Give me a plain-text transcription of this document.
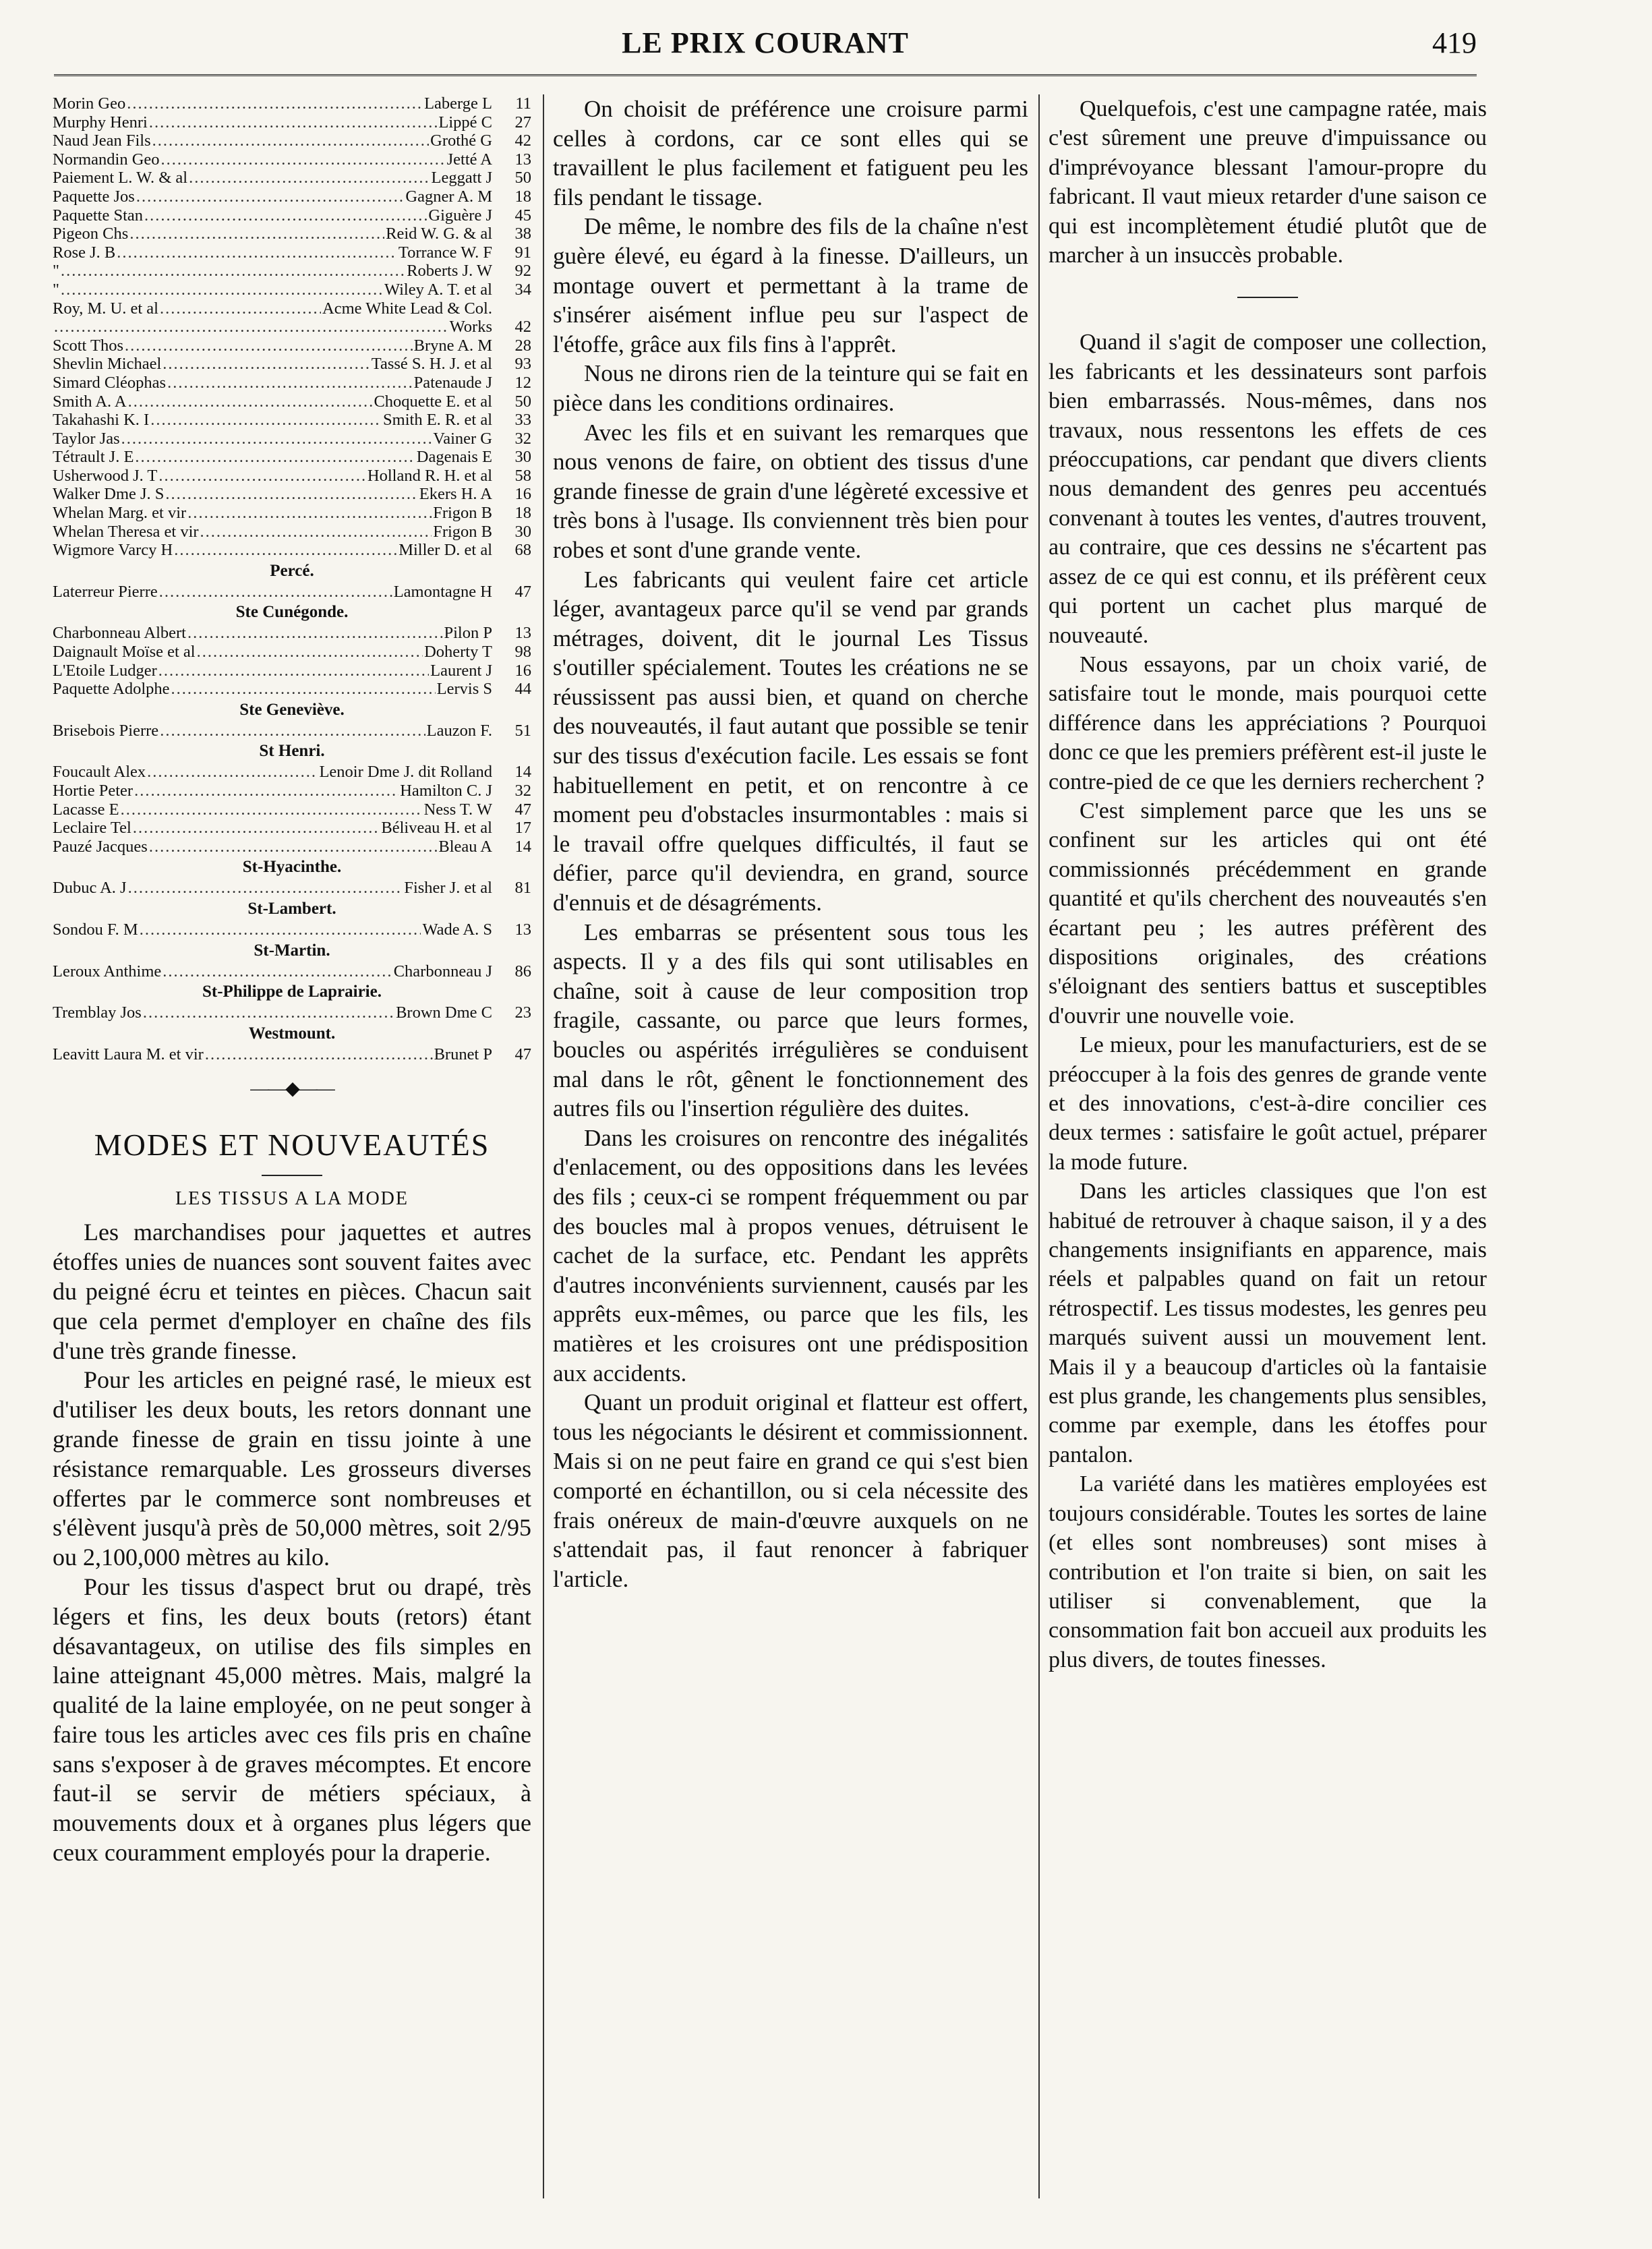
LE PRIX COURANT	419
Morin Geo .....	Laberge L	11
Murphy Henri .....	Lippé C	27
Naud Jean Fils .....	Grothé G	42
Normandin Geo .....	Jetté A	13
Paiement L. W. & al .....	Leggatt J	50
Paquette Jos .....	Gagner A. M	18
Paquette Stan .....	Giguère J	45
Pigeon Chs .....	Reid W. G. & al	38
Rose J. B .....	Torrance W. F	91
" .....	Roberts J. W	92
" .....	Wiley A. T. et al	34
Roy, M. U. et al .....	Acme White Lead & Col.
.....
Works	42
Scott Thos .....	Bryne A. M	28
Shevlin Michael .....	Tassé S. H. J. et al	93
Simard Cléophas .....	Patenaude J	12
Smith A. A .....	Choquette E. et al	50
Takahashi K. I .....	Smith E. R. et al	33
Taylor Jas .....	Vainer G	32
Tétrault J. E .....	Dagenais E	30
Usherwood J. T .....	Holland R. H. et al	58
Walker Dme J. S .....	Ekers H. A	16
Whelan Marg. et vir .....	Frigon B	18
Whelan Theresa et vir .....	Frigon B	30
Wigmore Varcy H .....	Miller D. et al	68
Percé.
Laterreur Pierre .....	Lamontagne H	47
Ste Cunégonde.
Charbonneau Albert .....	Pilon P	13
Daignault Moïse et al .....	Doherty T	98
L'Etoile Ludger .....	Laurent J	16
Paquette Adolphe .....	Lervis S	44
Ste Geneviève.
Brisebois Pierre .....	Lauzon F.	51
St Henri.
Foucault Alex .....	Lenoir Dme J. dit Rolland	14
Hortie Peter .....	Hamilton C. J	32
Lacasse E .....	Ness T. W	47
Leclaire Tel .....	Béliveau H. et al	17
Pauzé Jacques .....	Bleau A	14
St-Hyacinthe.
Dubuc A. J .....	Fisher J. et al	81
St-Lambert.
Sondou F. M .....	Wade A. S	13
St-Martin.
Leroux Anthime .....	Charbonneau J	86
St-Philippe de Laprairie.
Tremblay Jos .....	Brown Dme C	23
Westmount.
Leavitt Laura M. et vir .....	Brunet P	47
——◆——
MODES ET NOUVEAUTÉS
LES TISSUS A LA MODE

Les marchandises pour jaquettes et autres étoffes unies de nuances sont souvent faites avec du peigné écru et teintes en pièces. Chacun sait que cela permet d'employer en chaîne des fils d'une très grande finesse.

Pour les articles en peigné rasé, le mieux est d'utiliser les deux bouts, les retors donnant une grande finesse de grain en tissu jointe à une résistance remarquable. Les grosseurs diverses offertes par le commerce sont nombreuses et s'élèvent jusqu'à près de 50,000 mètres, soit 2/95 ou 2,100,000 mètres au kilo.

Pour les tissus d'aspect brut ou drapé, très légers et fins, les deux bouts (retors) étant désavantageux, on utilise des fils simples en laine atteignant 45,000 mètres. Mais, malgré la qualité de la laine employée, on ne peut songer à faire tous les articles avec ces fils pris en chaîne sans s'exposer à de graves mécomptes. Et encore faut-il se servir de métiers spéciaux, à mouvements doux et à organes plus légers que ceux couramment employés pour la draperie.

On choisit de préférence une croisure parmi celles à cordons, car ce sont elles qui se travaillent le plus facilement et fatiguent peu les fils pendant le tissage.

De même, le nombre des fils de la chaîne n'est guère élevé, eu égard à la finesse. D'ailleurs, un montage ouvert et permettant à la trame de s'insérer aisément influe peu sur l'aspect de l'étoffe, grâce aux fils fins à l'apprêt.

Nous ne dirons rien de la teinture qui se fait en pièce dans les conditions ordinaires.

Avec les fils et en suivant les remarques que nous venons de faire, on obtient des tissus d'une grande finesse de grain d'une légèreté excessive et très bons à l'usage. Ils conviennent très bien pour robes et sont d'une grande vente.

Les fabricants qui veulent faire cet article léger, avantageux parce qu'il se vend par grands métrages, doivent, dit le journal Les Tissus s'outiller spécialement. Toutes les créations ne se réussissent pas aussi bien, et quand on cherche des nouveautés, il faut autant que possible se tenir sur des tissus d'exécution facile. Les essais se font habituellement en petit, et on rencontre à ce moment peu d'obstacles insurmontables : mais si le travail offre quelques difficultés, il faut se défier, parce qu'il deviendra, en grand, source d'ennuis et de désagréments.

Les embarras se présentent sous tous les aspects. Il y a des fils qui sont utilisables en chaîne, soit à cause de leur composition trop fragile, cassante, ou parce que leurs formes, boucles ou aspérités irrégulières se conduisent mal dans le rôt, gênent le fonctionnement des autres fils ou l'insertion régulière des duites.

Dans les croisures on rencontre des inégalités d'enlacement, ou des oppositions dans les levées des fils ; ceux-ci se rompent fréquemment ou par des boucles mal à propos venues, détruisent le cachet de la surface, etc. Pendant les apprêts d'autres inconvénients surviennent, causés par les apprêts eux-mêmes, ou parce que les fils, les matières et les croisures ont une prédisposition aux accidents.

Quant un produit original et flatteur est offert, tous les négociants le désirent et commissionnent. Mais si on ne peut faire en grand ce qui s'est bien comporté en échantillon, ou si cela nécessite des frais onéreux de main-d'œuvre auxquels on ne s'attendait pas, il faut renoncer à fabriquer l'article.

Quelquefois, c'est une campagne ratée, mais c'est sûrement une preuve d'impuissance ou d'imprévoyance blessant l'amour-propre du fabricant. Il vaut mieux retarder d'une saison ce qui est incomplètement étudié plutôt que de marcher à un insuccès probable.

Quand il s'agit de composer une collection, les fabricants et les dessinateurs sont parfois bien embarrassés. Nous-mêmes, dans nos travaux, nous ressentons les effets de ces préoccupations, car pendant que divers clients nous demandent des genres peu accentués convenant à toutes les ventes, d'autres trouvent, au contraire, que ces dessins ne s'écartent pas assez de ce qui est connu, et ils préfèrent ceux qui portent un cachet plus marqué de nouveauté.

Nous essayons, par un choix varié, de satisfaire tout le monde, mais pourquoi cette différence dans les appréciations ? Pourquoi donc ce que les premiers préfèrent est-il juste le contre-pied de ce que les derniers recherchent ?

C'est simplement parce que les uns se confinent sur les articles qui ont été commissionnés précédemment en grande quantité et qu'ils cherchent des nouveautés s'en écartant peu ; les autres préfèrent des dispositions originales, des créations s'éloignant des sentiers battus et susceptibles d'ouvrir une nouvelle voie.

Le mieux, pour les manufacturiers, est de se préoccuper à la fois des genres de grande vente et des innovations, c'est-à-dire concilier ces deux termes : satisfaire le goût actuel, préparer la mode future.

Dans les articles classiques que l'on est habitué de retrouver à chaque saison, il y a des changements insignifiants en apparence, mais réels et palpables quand on fait un retour rétrospectif. Les tissus modestes, les genres peu marqués suivent aussi un mouvement lent. Mais il y a beaucoup d'articles où la fantaisie est plus grande, les changements plus sensibles, comme par exemple, dans les étoffes pour pantalon.

La variété dans les matières employées est toujours considérable. Toutes les sortes de laine (et elles sont nombreuses) sont mises à contribution et l'on traite si bien, on sait les utiliser si convenablement, que la consommation fait bon accueil aux produits les plus divers, de toutes finesses.
